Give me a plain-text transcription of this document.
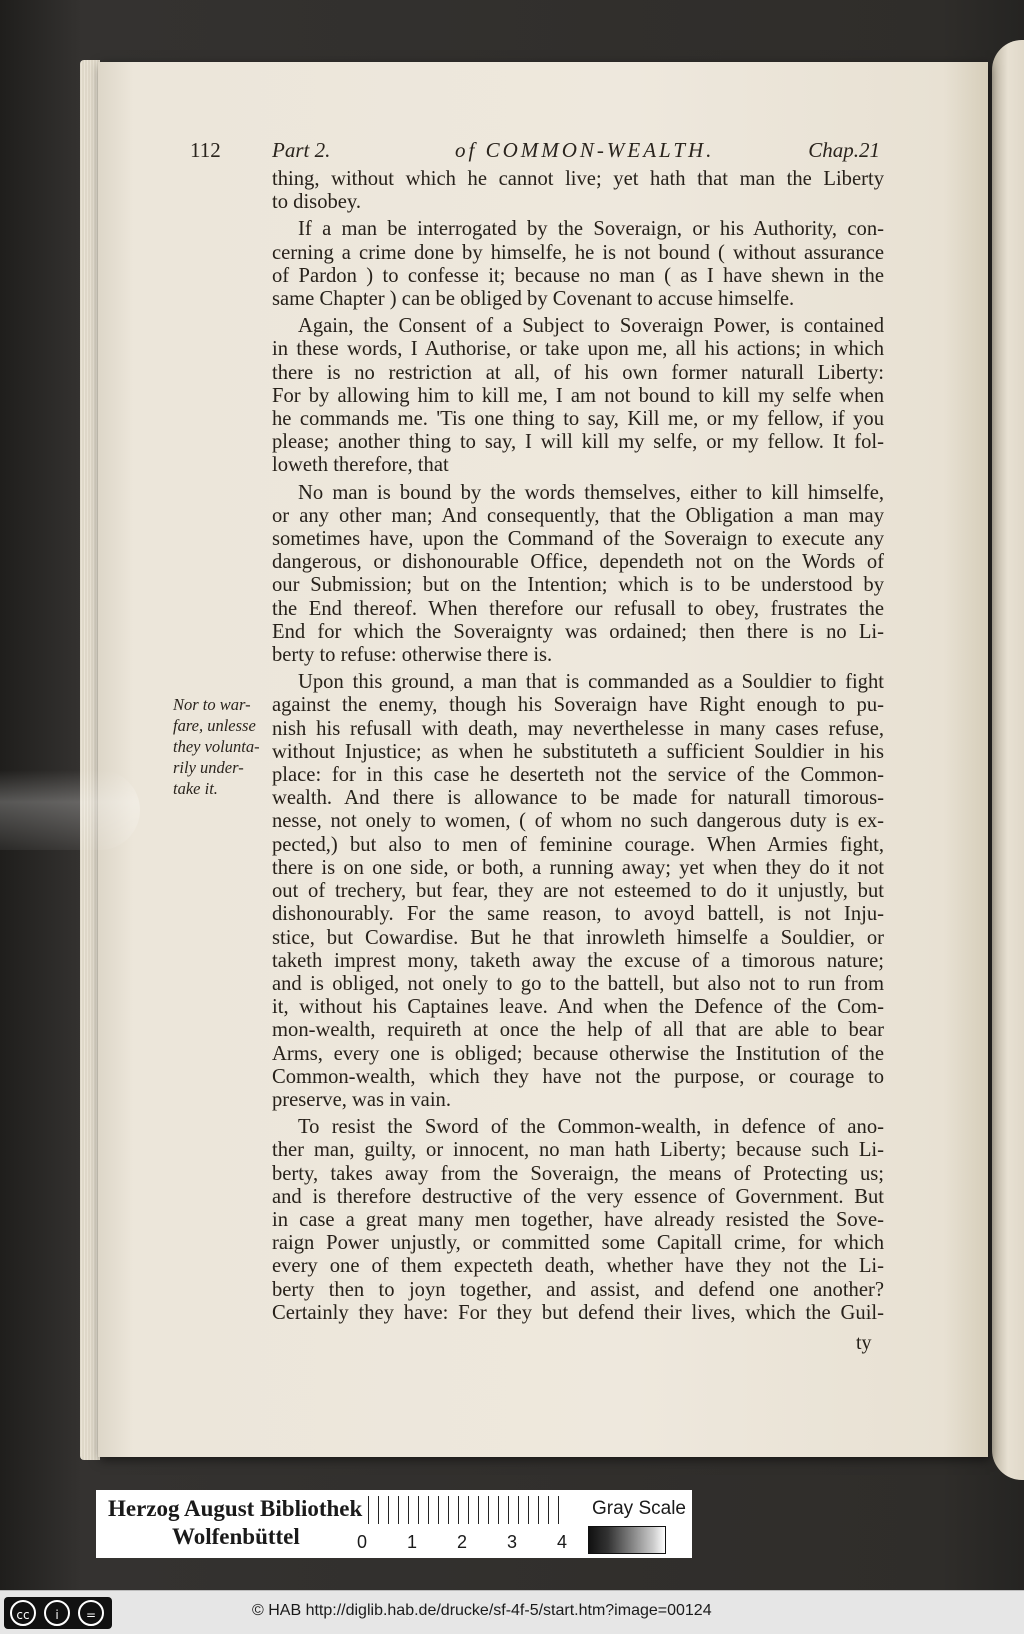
112 Part 2.	of COMMON-WEALTH.	Chap.21
Nor to war-
fare, unlesse
they volunta-
rily under-
take it.
thing, without which he cannot live; yet hath that man the Liberty
to disobey.
If a man be interrogated by the Soveraign, or his Authority, con-
cerning a crime done by himselfe, he is not bound ( without assurance
of Pardon ) to confesse it; because no man ( as I have shewn in the
same Chapter ) can be obliged by Covenant to accuse himselfe.
Again, the Consent of a Subject to Soveraign Power, is contained
in these words, I Authorise, or take upon me, all his actions; in which
there is no restriction at all, of his own former naturall Liberty:
For by allowing him to kill me, I am not bound to kill my selfe when
he commands me. 'Tis one thing to say, Kill me, or my fellow, if you
please; another thing to say, I will kill my selfe, or my fellow. It fol-
loweth therefore, that
No man is bound by the words themselves, either to kill himselfe,
or any other man; And consequently, that the Obligation a man may
sometimes have, upon the Command of the Soveraign to execute any
dangerous, or dishonourable Office, dependeth not on the Words of
our Submission; but on the Intention; which is to be understood by
the End thereof. When therefore our refusall to obey, frustrates the
End for which the Soveraignty was ordained; then there is no Li-
berty to refuse: otherwise there is.
Upon this ground, a man that is commanded as a Souldier to fight
against the enemy, though his Soveraign have Right enough to pu-
nish his refusall with death, may neverthelesse in many cases refuse,
without Injustice; as when he substituteth a sufficient Souldier in his
place: for in this case he deserteth not the service of the Common-
wealth. And there is allowance to be made for naturall timorous-
nesse, not onely to women, ( of whom no such dangerous duty is ex-
pected,) but also to men of feminine courage. When Armies fight,
there is on one side, or both, a running away; yet when they do it not
out of trechery, but fear, they are not esteemed to do it unjustly, but
dishonourably. For the same reason, to avoyd battell, is not Inju-
stice, but Cowardise. But he that inrowleth himselfe a Souldier, or
taketh imprest mony, taketh away the excuse of a timorous nature;
and is obliged, not onely to go to the battell, but also not to run from
it, without his Captaines leave. And when the Defence of the Com-
mon-wealth, requireth at once the help of all that are able to bear
Arms, every one is obliged; because otherwise the Institution of the
Common-wealth, which they have not the purpose, or courage to
preserve, was in vain.
To resist the Sword of the Common-wealth, in defence of ano-
ther man, guilty, or innocent, no man hath Liberty; because such Li-
berty, takes away from the Soveraign, the means of Protecting us;
and is therefore destructive of the very essence of Government. But
in case a great many men together, have already resisted the Sove-
raign Power unjustly, or committed some Capitall crime, for which
every one of them expecteth death, whether have they not the Li-
berty then to joyn together, and assist, and defend one another?
Certainly they have: For they but defend their lives, which the Guil-
ty
Herzog August Bibliothek
Wolfenbüttel	0 1 2 3 4
Gray Scale
cc	i	=	© HAB http://diglib.hab.de/drucke/sf-4f-5/start.htm?image=00124
